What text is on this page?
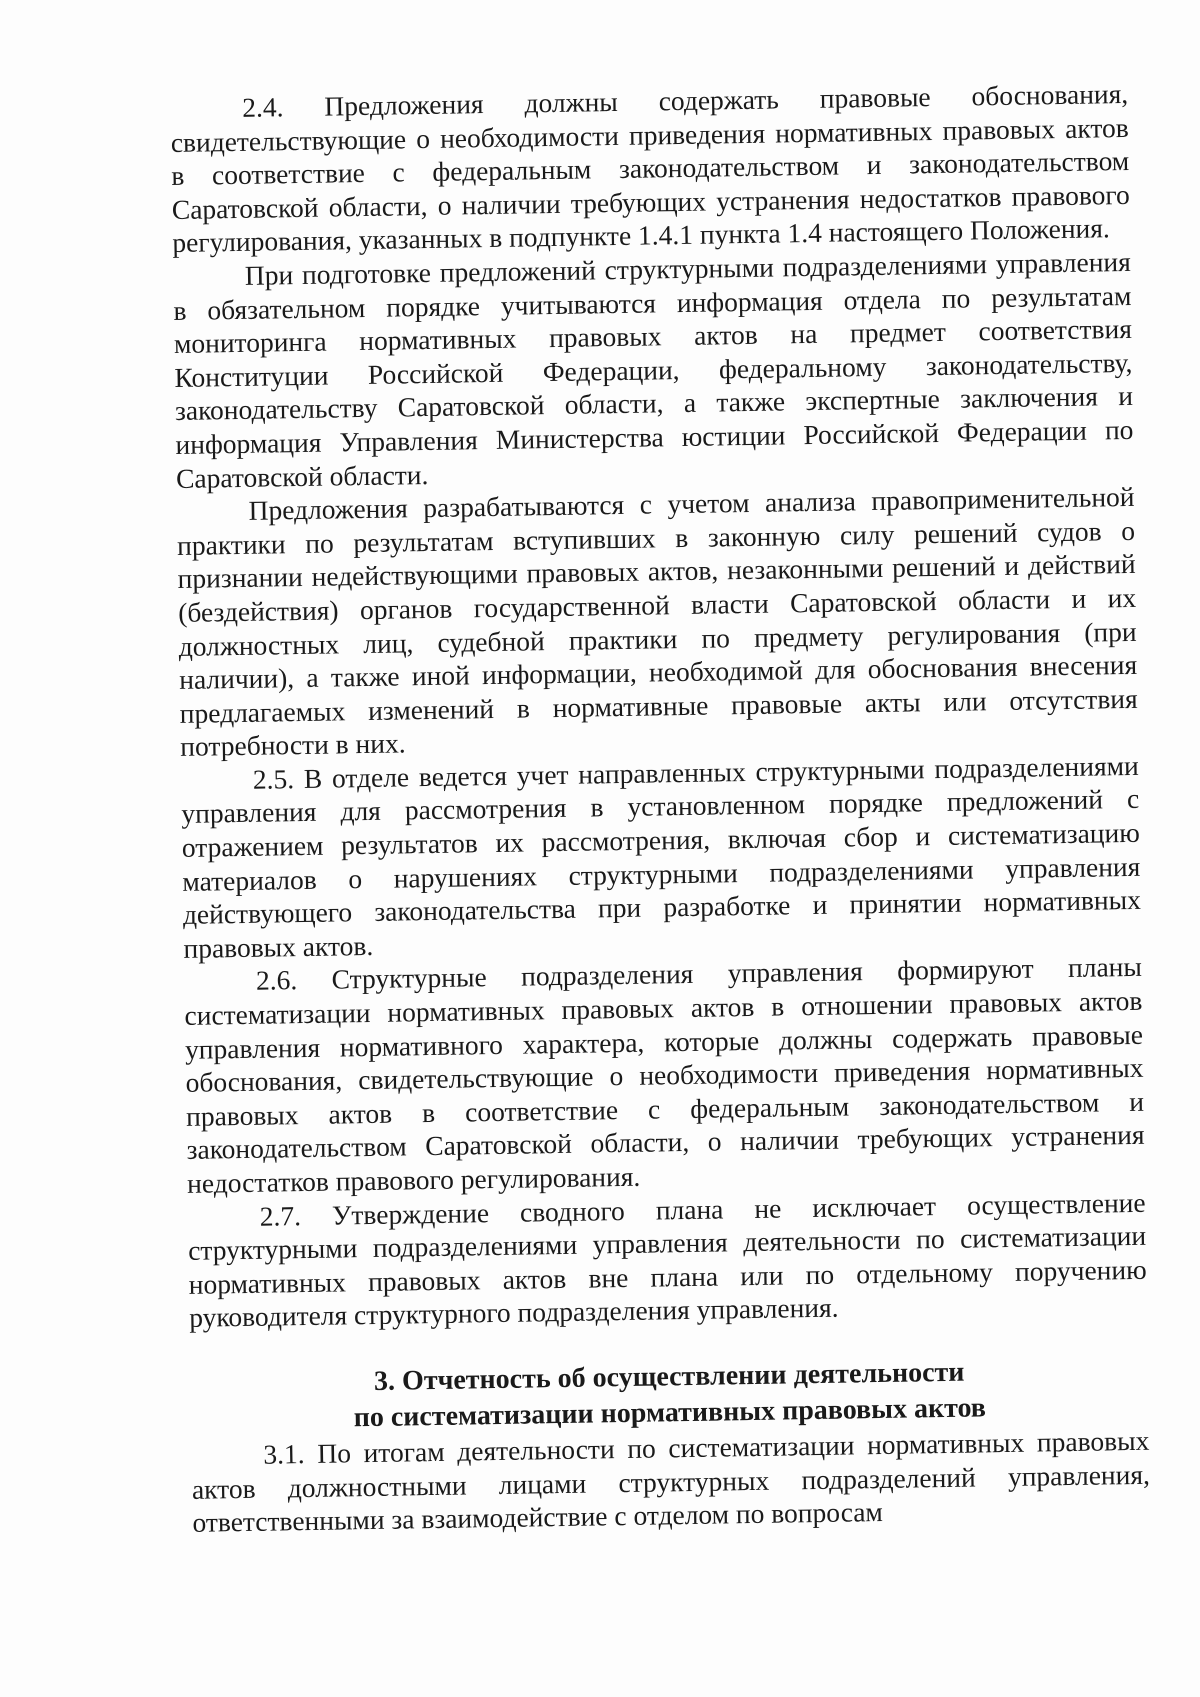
2.4. Предложения должны содержать правовые обоснования, свидетельствующие о необходимости приведения нормативных правовых актов в соответствие с федеральным законодательством и законодательством Саратовской области, о наличии требующих устранения недостатков правового регулирования, указанных в подпункте 1.4.1 пункта 1.4 настоящего Положения.

При подготовке предложений структурными подразделениями управления в обязательном порядке учитываются информация отдела по результатам мониторинга нормативных правовых актов на предмет соответствия Конституции Российской Федерации, федеральному законодательству, законодательству Саратовской области, а также экспертные заключения и информация Управления Министерства юстиции Российской Федерации по Саратовской области.

Предложения разрабатываются с учетом анализа правоприменительной практики по результатам вступивших в законную силу решений судов о признании недействующими правовых актов, незаконными решений и действий (бездействия) органов государственной власти Саратовской области и их должностных лиц, судебной практики по предмету регулирования (при наличии), а также иной информации, необходимой для обоснования внесения предлагаемых изменений в нормативные правовые акты или отсутствия потребности в них.

2.5. В отделе ведется учет направленных структурными подразделениями управления для рассмотрения в установленном порядке предложений с отражением результатов их рассмотрения, включая сбор и систематизацию материалов о нарушениях структурными подразделениями управления действующего законодательства при разработке и принятии нормативных правовых актов.

2.6. Структурные подразделения управления формируют планы систематизации нормативных правовых актов в отношении правовых актов управления нормативного характера, которые должны содержать правовые обоснования, свидетельствующие о необходимости приведения нормативных правовых актов в соответствие с федеральным законодательством и законодательством Саратовской области, о наличии требующих устранения недостатков правового регулирования.

2.7. Утверждение сводного плана не исключает осуществление структурными подразделениями управления деятельности по систематизации нормативных правовых актов вне плана или по отдельному поручению руководителя структурного подразделения управления.

3. Отчетность об осуществлении деятельности
по систематизации нормативных правовых актов

3.1. По итогам деятельности по систематизации нормативных правовых актов должностными лицами структурных подразделений управления, ответственными за взаимодействие с отделом по вопросам
